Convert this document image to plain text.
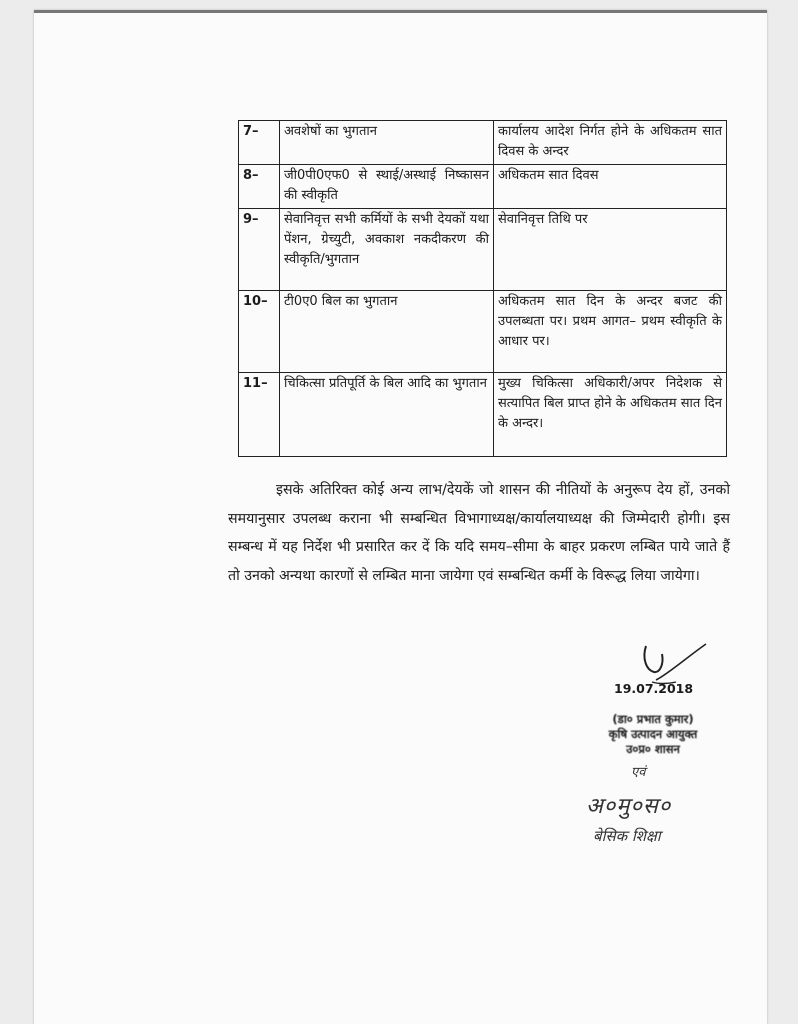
7–	अवशेषों का भुगतान	कार्यालय आदेश निर्गत होने के अधिकतम सात दिवस के अन्दर
8–	जी0पी0एफ0 से स्थाई/अस्थाई निष्कासन की स्वीकृति	अधिकतम सात दिवस
9–	सेवानिवृत्त सभी कर्मियों के सभी देयकों यथा पेंशन, ग्रेच्युटी, अवकाश नकदीकरण की स्वीकृति/भुगतान	सेवानिवृत्त तिथि पर
10–	टी0ए0 बिल का भुगतान	अधिकतम सात दिन के अन्दर बजट की उपलब्धता पर। प्रथम आगत– प्रथम स्वीकृति के आधार पर।
11–	चिकित्सा प्रतिपूर्ति के बिल आदि का भुगतान	मुख्य चिकित्सा अधिकारी/अपर निदेशक से सत्यापित बिल प्राप्त होने के अधिकतम सात दिन के अन्दर।
इसके अतिरिक्त कोई अन्य लाभ/देयकें जो शासन की नीतियों के अनुरूप देय हों, उनको समयानुसार उपलब्ध कराना भी सम्बन्धित विभागाध्यक्ष/कार्यालयाध्यक्ष की जिम्मेदारी होगी। इस सम्बन्ध में यह निर्देश भी प्रसारित कर दें कि यदि समय–सीमा के बाहर प्रकरण लम्बित पाये जाते हैं तो उनको अन्यथा कारणों से लम्बित माना जायेगा एवं सम्बन्धित कर्मी के विरूद्ध लिया जायेगा।
19.07.2018
(डा० प्रभात कुमार)
कृषि उत्पादन आयुक्त
उ०प्र० शासन
एवं
अ०मु०स०
बेसिक शिक्षा
